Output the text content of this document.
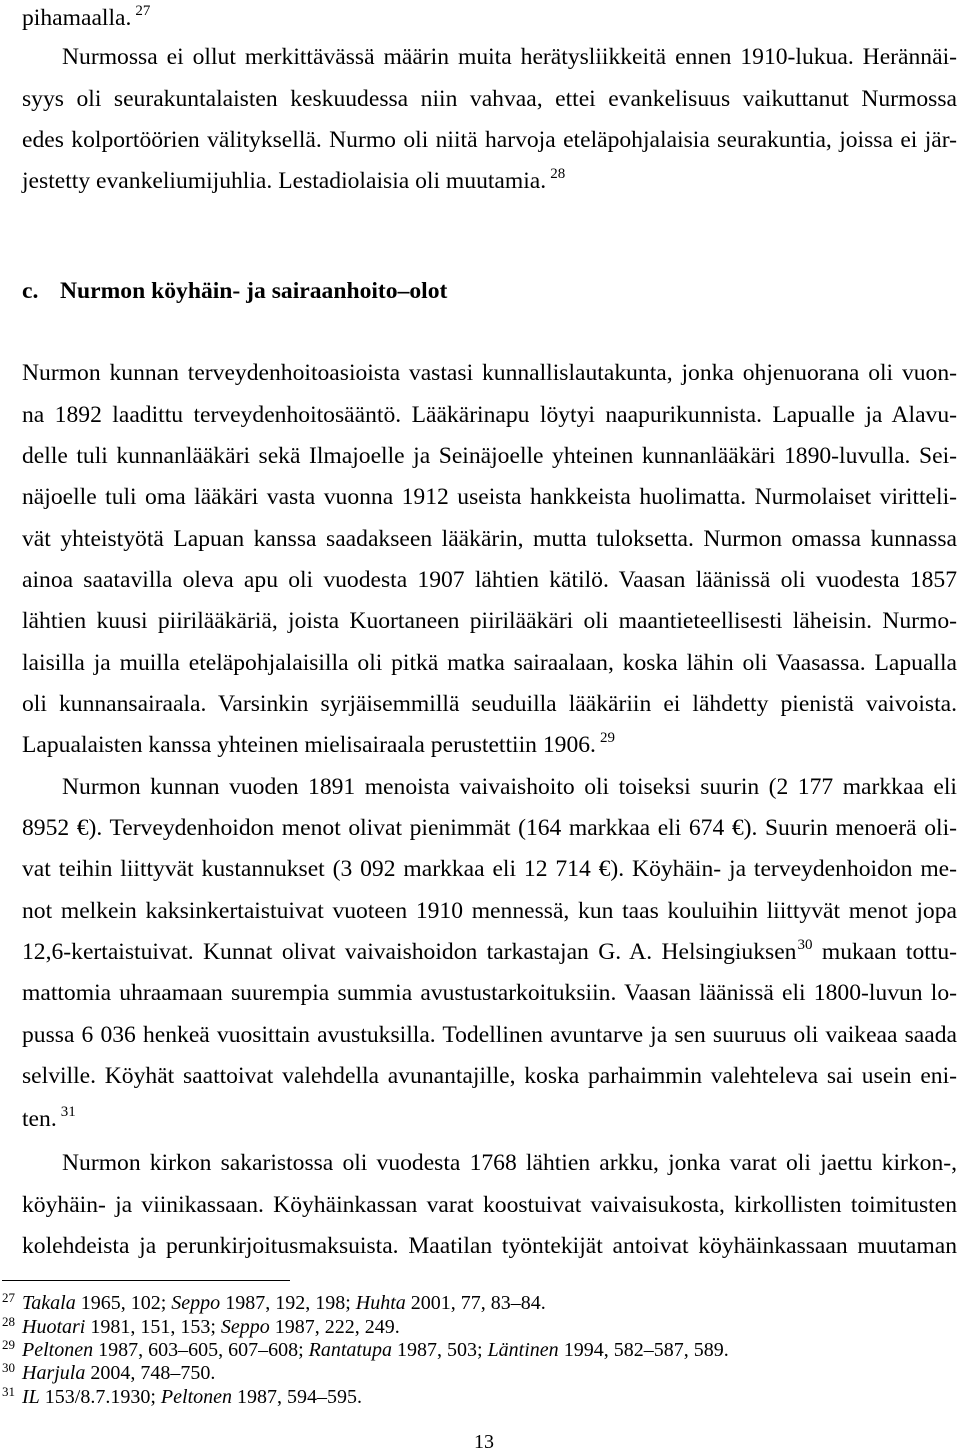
pihamaalla. $^{27}$
Nurmossa ei ollut merkittävässä määrin muita herätysliikkeitä ennen 1910-lukua. Herännäi-
syys oli seurakuntalaisten keskuudessa niin vahvaa, ettei evankelisuus vaikuttanut Nurmossa
edes kolportöörien välityksellä. Nurmo oli niitä harvoja eteläpohjalaisia seurakuntia, joissa ei jär-
jestetty evankeliumijuhlia. Lestadiolaisia oli muutamia. $^{28}$
c. Nurmon köyhäin- ja sairaanhoito–olot
Nurmon kunnan terveydenhoitoasioista vastasi kunnallislautakunta, jonka ohjenuorana oli vuon-
na 1892 laadittu terveydenhoitosääntö. Lääkärinapu löytyi naapurikunnista. Lapualle ja Alavu-
delle tuli kunnanlääkäri sekä Ilmajoelle ja Seinäjoelle yhteinen kunnanlääkäri 1890-luvulla. Sei-
näjoelle tuli oma lääkäri vasta vuonna 1912 useista hankkeista huolimatta. Nurmolaiset viritteli-
vät yhteistyötä Lapuan kanssa saadakseen lääkärin, mutta tuloksetta. Nurmon omassa kunnassa
ainoa saatavilla oleva apu oli vuodesta 1907 lähtien kätilö. Vaasan läänissä oli vuodesta 1857
lähtien kuusi piirilääkäriä, joista Kuortaneen piirilääkäri oli maantieteellisesti läheisin. Nurmo-
laisilla ja muilla eteläpohjalaisilla oli pitkä matka sairaalaan, koska lähin oli Vaasassa. Lapualla
oli kunnansairaala. Varsinkin syrjäisemmillä seuduilla lääkäriin ei lähdetty pienistä vaivoista.
Lapualaisten kanssa yhteinen mielisairaala perustettiin 1906. $^{29}$
Nurmon kunnan vuoden 1891 menoista vaivaishoito oli toiseksi suurin (2 177 markkaa eli
8952 €). Terveydenhoidon menot olivat pienimmät (164 markkaa eli 674 €). Suurin menoerä oli-
vat teihin liittyvät kustannukset (3 092 markkaa eli 12 714 €). Köyhäin- ja terveydenhoidon me-
not melkein kaksinkertaistuivat vuoteen 1910 mennessä, kun taas kouluihin liittyvät menot jopa
12,6-kertaistuivat. Kunnat olivat vaivaishoidon tarkastajan G. A. Helsingiuksen$^{30}$ mukaan tottu-
mattomia uhraamaan suurempia summia avustustarkoituksiin. Vaasan läänissä eli 1800-luvun lo-
pussa 6 036 henkeä vuosittain avustuksilla. Todellinen avuntarve ja sen suuruus oli vaikeaa saada
selville. Köyhät saattoivat valehdella avunantajille, koska parhaimmin valehteleva sai usein eni-
ten. $^{31}$
Nurmon kirkon sakaristossa oli vuodesta 1768 lähtien arkku, jonka varat oli jaettu kirkon-,
köyhäin- ja viinikassaan. Köyhäinkassan varat koostuivat vaivaisukosta, kirkollisten toimitusten
kolehdeista ja perunkirjoitusmaksuista. Maatilan työntekijät antoivat köyhäinkassaan muutaman
27 Takala 1965, 102; Seppo 1987, 192, 198; Huhta 2001, 77, 83–84.
28 Huotari 1981, 151, 153; Seppo 1987, 222, 249.
29 Peltonen 1987, 603–605, 607–608; Rantatupa 1987, 503; Läntinen 1994, 582–587, 589.
30 Harjula 2004, 748–750.
31 IL 153/8.7.1930; Peltonen 1987, 594–595.
13
